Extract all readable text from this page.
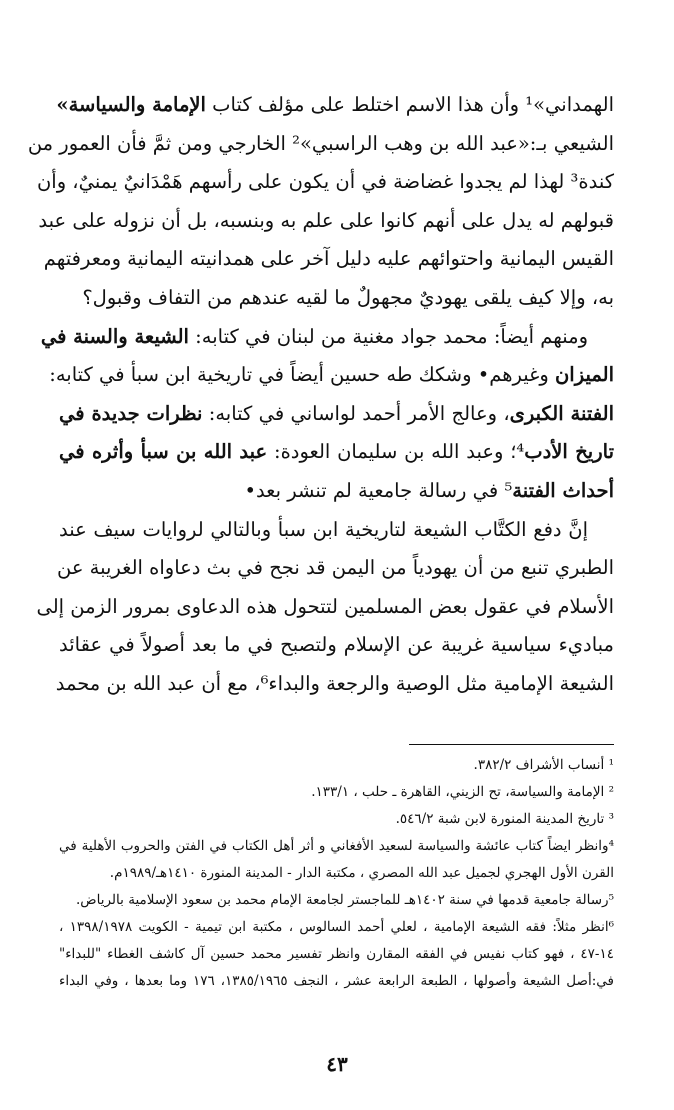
الهمداني»¹ وأن هذا الاسم اختلط على مؤلف كتاب الإمامة والسياسة»
الشيعي بـ:«عبد الله بن وهب الراسبي»² الخارجي ومن ثمَّ فأن العمور من
كندة³ لهذا لم يجدوا غضاضة في أن يكون على رأسهم هَمْدَانيٌ يمنيٌ، وأن
قبولهم له يدل على أنهم كانوا على علم به وبنسبه، بل أن نزوله على عبد
القيس اليمانية واحتوائهم عليه دليل آخر على همدانيته اليمانية ومعرفتهم
به، وإلا كيف يلقى يهوديٌ مجهولٌ ما لقيه عندهم من التفاف وقبول؟
ومنهم أيضاً: محمد جواد مغنية من لبنان في كتابه: الشيعة والسنة في
الميزان وغيرهم• وشكك طه حسين أيضاً في تاريخية ابن سبأ في كتابه:
الفتنة الكبرى، وعالج الأمر أحمد لواساني في كتابه: نظرات جديدة في
تاريخ الأدب⁴؛ وعبد الله بن سليمان العودة: عبد الله بن سبأ وأثره في
أحداث الفتنة⁵ في رسالة جامعية لم تنشر بعد•
إنَّ دفع الكتَّاب الشيعة لتاريخية ابن سبأ وبالتالي لروايات سيف عند
الطبري تنبع من أن يهودياً من اليمن قد نجح في بث دعاواه الغريبة عن
الأسلام في عقول بعض المسلمين لتتحول هذه الدعاوى بمرور الزمن إلى
مباديء سياسية غريبة عن الإسلام ولتصبح في ما بعد أصولاً في عقائد
الشيعة الإمامية مثل الوصية والرجعة والبداء⁶، مع أن عبد الله بن محمد
¹ أنساب الأشراف ٣٨٢/٢.
² الإمامة والسياسة، تح الزيني، القاهرة ـ حلب ، ١٣٣/١.
³ تاريخ المدينة المنورة لابن شبة ٥٤٦/٢.
⁴وانظر ايضاً كتاب عائشة والسياسة لسعيد الأفغاني و أثر أهل الكتاب في الفتن والحروب الأهلية في
القرن الأول الهجري لجميل عبد الله المصري ، مكتبة الدار - المدينة المنورة ١٤١٠هـ/١٩٨٩م.
⁵رسالة جامعية قدمها في سنة ١٤٠٢هـ للماجستر لجامعة الإمام محمد بن سعود الإسلامية بالرياض.
⁶انظر مثلاً: فقه الشيعة الإمامية ، لعلي أحمد السالوس ، مكتبة ابن تيمية - الكويت ١٣٩٨/١٩٧٨ ،
١٤-٤٧ ، فهو كتاب نفيس في الفقه المقارن وانظر تفسير محمد حسين آل كاشف الغطاء "للبداء"
في:أصل الشيعة وأصولها ، الطبعة الرابعة عشر ، النجف ١٣٨٥/١٩٦٥، ١٧٦ وما بعدها ، وفي البداء
٤٣
